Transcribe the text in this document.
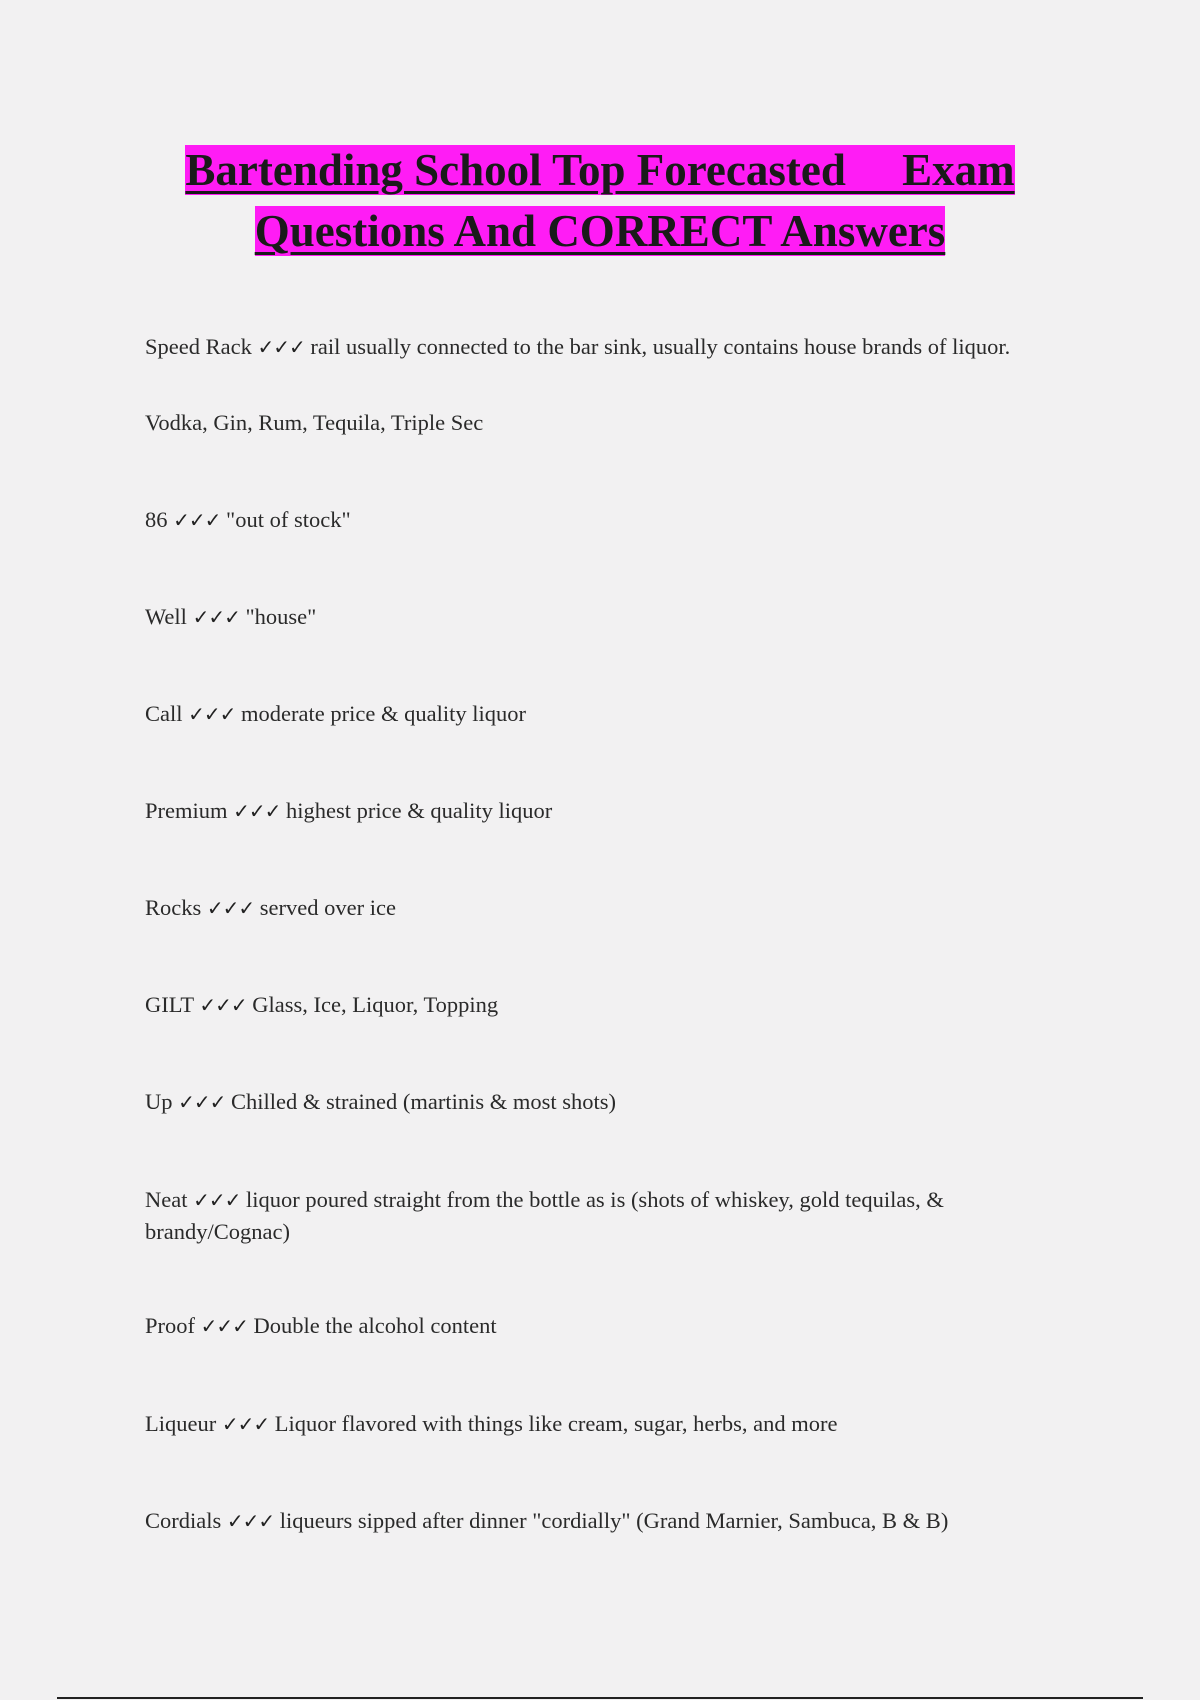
Bartending School Top Forecasted     Exam
Questions And CORRECT Answers
Speed Rack ✓✓✓ rail usually connected to the bar sink, usually contains house brands of liquor.
Vodka, Gin, Rum, Tequila, Triple Sec
86 ✓✓✓ "out of stock"
Well ✓✓✓ "house"
Call ✓✓✓ moderate price & quality liquor
Premium ✓✓✓ highest price & quality liquor
Rocks ✓✓✓ served over ice
GILT ✓✓✓ Glass, Ice, Liquor, Topping
Up ✓✓✓ Chilled & strained (martinis & most shots)
Neat ✓✓✓ liquor poured straight from the bottle as is (shots of whiskey, gold tequilas, & brandy/Cognac)
Proof ✓✓✓ Double the alcohol content
Liqueur ✓✓✓ Liquor flavored with things like cream, sugar, herbs, and more
Cordials ✓✓✓ liqueurs sipped after dinner "cordially" (Grand Marnier, Sambuca, B & B)
